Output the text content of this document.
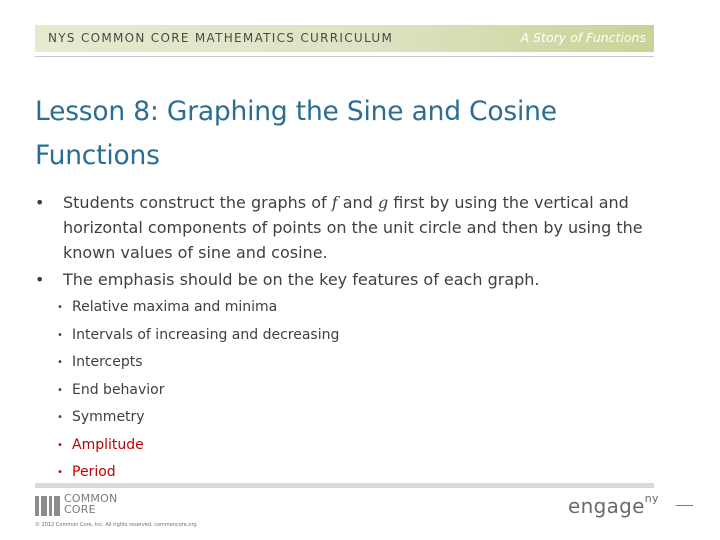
NYS COMMON CORE MATHEMATICS CURRICULUM	A Story of Functions
Lesson 8: Graphing the Sine and Cosine
Functions
• Students construct the graphs of f and g first by using the vertical and horizontal components of points on the unit circle and then by using the known values of sine and cosine.
• The emphasis should be on the key features of each graph.
• Relative maxima and minima
• Intervals of increasing and decreasing
• Intercepts
• End behavior
• Symmetry
• Amplitude
• Period
COMMON
CORE
© 2012 Common Core, Inc. All rights reserved. commoncore.org
engage$^{ny}$
